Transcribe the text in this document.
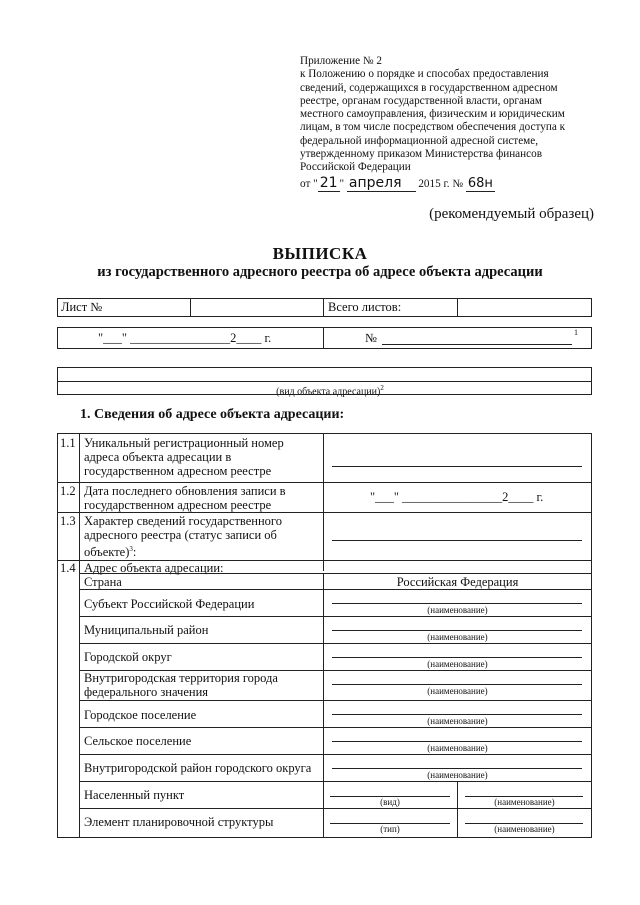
Приложение № 2
к Положению о порядке и способах предоставления
сведений, содержащихся в государственном адресном
реестре, органам государственной власти, органам
местного самоуправления, физическим и юридическим
лицам, в том числе посредством обеспечения доступа к
федеральной информационной адресной системе,
утвержденному приказом Министерства финансов
Российской Федерации
от " 21 " апреля 2015 г. № 68н
(рекомендуемый образец)
ВЫПИСКА
из государственного адресного реестра об адресе объекта адресации
Лист №	Всего листов:
"___" ________________2____ г.	№	1
(вид объекта адресации)$^2$
1. Сведения об адресе объекта адресации:
1.1 Уникальный регистрационный номер адреса объекта адресации в государственном адресном реестре
1.2 Дата последнего обновления записи в государственном адресном реестре
"___" ________________2____ г.
1.3 Характер сведений государственного адресного реестра (статус записи об объекте)$^3$:
1.4 Адрес объекта адресации:
Страна	Российская Федерация
Субъект Российской Федерации	(наименование)
Муниципальный район	(наименование)
Городской округ	(наименование)
Внутригородская территория города федерального значения	(наименование)
Городское поселение	(наименование)
Сельское поселение	(наименование)
Внутригородской район городского округа	(наименование)
Населенный пункт	(вид)	(наименование)
Элемент планировочной структуры	(тип)	(наименование)
